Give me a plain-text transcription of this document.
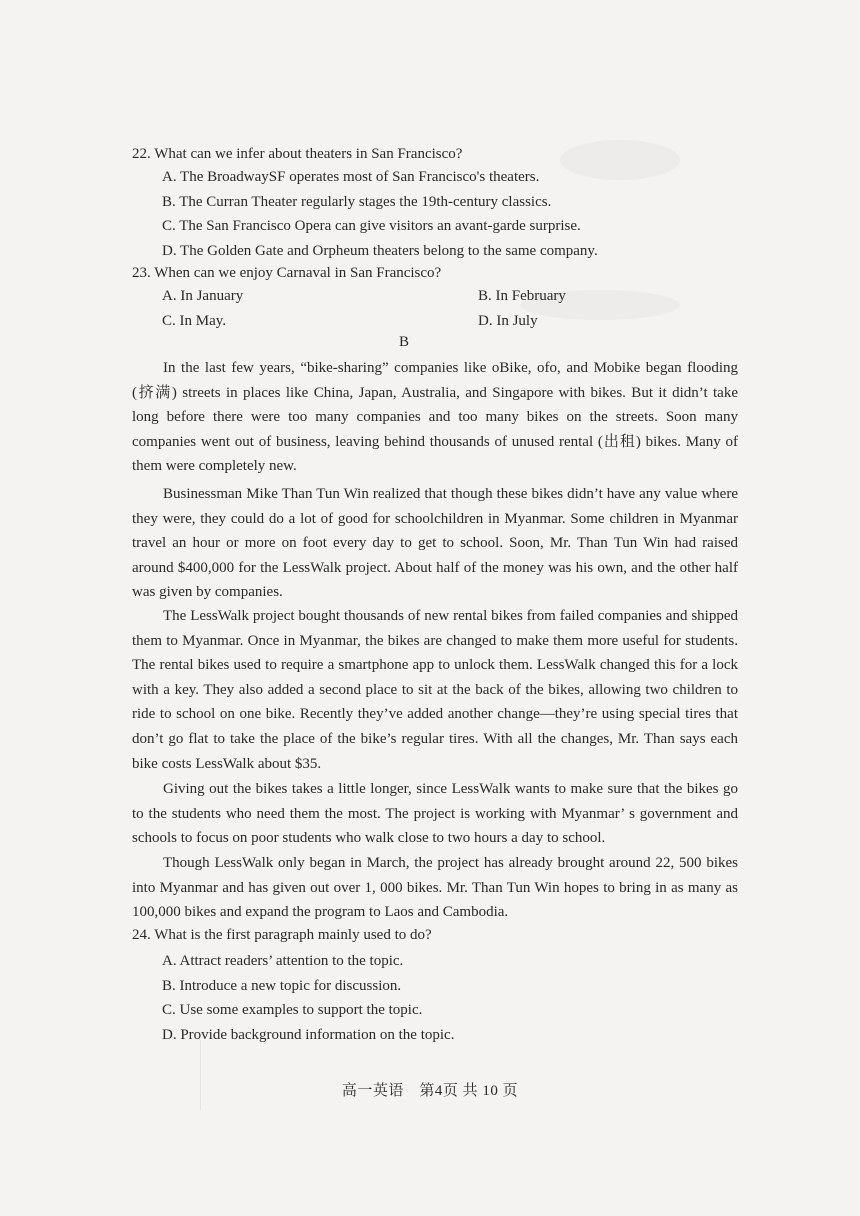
22. What can we infer about theaters in San Francisco?
A. The BroadwaySF operates most of San Francisco's theaters.
B. The Curran Theater regularly stages the 19th-century classics.
C. The San Francisco Opera can give visitors an avant-garde surprise.
D. The Golden Gate and Orpheum theaters belong to the same company.
23. When can we enjoy Carnaval in San Francisco?
A. In January	B. In February
C. In May.	D. In July
B
In the last few years, “bike-sharing” companies like oBike, ofo, and Mobike began flooding (挤满) streets in places like China, Japan, Australia, and Singapore with bikes. But it didn’t take long before there were too many companies and too many bikes on the streets. Soon many companies went out of business, leaving behind thousands of unused rental (出租) bikes. Many of them were completely new.
Businessman Mike Than Tun Win realized that though these bikes didn’t have any value where they were, they could do a lot of good for schoolchildren in Myanmar. Some children in Myanmar travel an hour or more on foot every day to get to school. Soon, Mr. Than Tun Win had raised around $400,000 for the LessWalk project. About half of the money was his own, and the other half was given by companies.
The LessWalk project bought thousands of new rental bikes from failed companies and shipped them to Myanmar. Once in Myanmar, the bikes are changed to make them more useful for students. The rental bikes used to require a smartphone app to unlock them. LessWalk changed this for a lock with a key. They also added a second place to sit at the back of the bikes, allowing two children to ride to school on one bike. Recently they’ve added another change—they’re using special tires that don’t go flat to take the place of the bike’s regular tires. With all the changes, Mr. Than says each bike costs LessWalk about $35.
Giving out the bikes takes a little longer, since LessWalk wants to make sure that the bikes go to the students who need them the most. The project is working with Myanmar’ s government and schools to focus on poor students who walk close to two hours a day to school.
Though LessWalk only began in March, the project has already brought around 22, 500 bikes into Myanmar and has given out over 1, 000 bikes. Mr. Than Tun Win hopes to bring in as many as 100,000 bikes and expand the program to Laos and Cambodia.
24. What is the first paragraph mainly used to do?
A. Attract readers’ attention to the topic.
B. Introduce a new topic for discussion.
C. Use some examples to support the topic.
D. Provide background information on the topic.
高一英语　第4页 共 10 页
